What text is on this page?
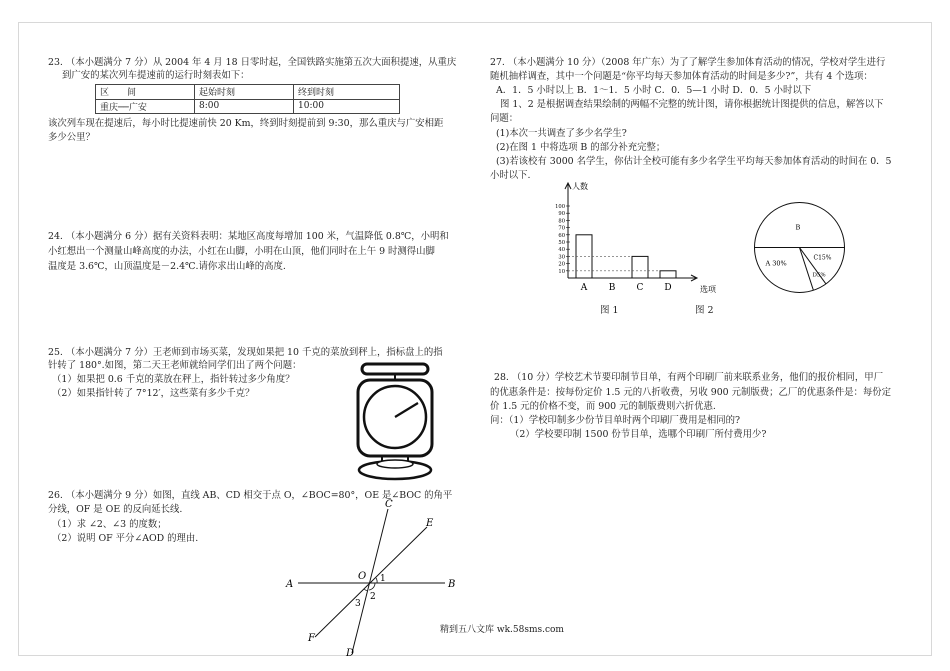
23. （本小题满分 7 分）从 2004 年 4 月 18 日零时起，全国铁路实施第五次大面积提速，从重庆

到广安的某次列车提速前的运行时刻表如下：

区　　间	起始时刻	终到时刻
重庆──广安	8:00	10:00

该次列车现在提速后，每小时比提速前快 20 Km，终到时刻提前到 9:30，那么重庆与广安相距

多少公里？

24. （本小题满分 6 分）据有关资料表明：某地区高度每增加 100 米，气温降低 0.8℃，小明和

小红想出一个测量山峰高度的办法，小红在山脚，小明在山顶，他们同时在上午 9 时测得山脚

温度是 3.6℃，山顶温度是－2.4℃.请你求出山峰的高度.

25. （本小题满分 7 分）王老师到市场买菜，发现如果把 10 千克的菜放到秤上，指标盘上的指

针转了 180°.如图，第二天王老师就给同学们出了两个问题：

（1）如果把 0.6 千克的菜放在秤上，指针转过多少角度？

（2）如果指针转了 7°12′，这些菜有多少千克？

26. （本小题满分 9 分）如图，直线 AB、CD 相交于点 O，∠BOC=80°，OE 是∠BOC 的角平

分线，OF 是 OE 的反向延长线.

（1）求 ∠2、∠3 的度数；

（2）说明 OF 平分∠AOD 的理由.

A	B
C
D
E
F
O 1
2
3

27. （本小题满分 10 分）（2008 年广东）为了了解学生参加体育活动的情况，学校对学生进行

随机抽样调查，其中一个问题是“你平均每天参加体育活动的时间是多少?”，共有 4 个选项：

A．1．5 小时以上 B．1～1．5 小时 C．0．5—1 小时 D．0．5 小时以下

图 1、2 是根据调查结果绘制的两幅不完整的统计图，请你根据统计图提供的信息，解答以下

问题：

(1)本次一共调查了多少名学生?

(2)在图 1 中将选项 B 的部分补充完整；

(3)若该校有 3000 名学生，你估计全校可能有多少名学生平均每天参加体育活动的时间在 0．5

小时以下.

人数
选项
10
20
30
40
50
60
70
80
90
100
A B C D
图 1
B
A 30%
C15%
D5%
图 2

28. （10 分）学校艺术节要印制节目单，有两个印刷厂前来联系业务，他们的报价相同，甲厂

的优惠条件是：按每份定价 1.5 元的八折收费，另收 900 元制版费；乙厂的优惠条件是：每份定

价 1.5 元的价格不变，而 900 元的制版费则六折优惠.

问：（1）学校印制多少份节目单时两个印刷厂费用是相同的?

（2）学校要印制 1500 份节目单，选哪个印刷厂所付费用少?

精到五八文库 wk.58sms.com
